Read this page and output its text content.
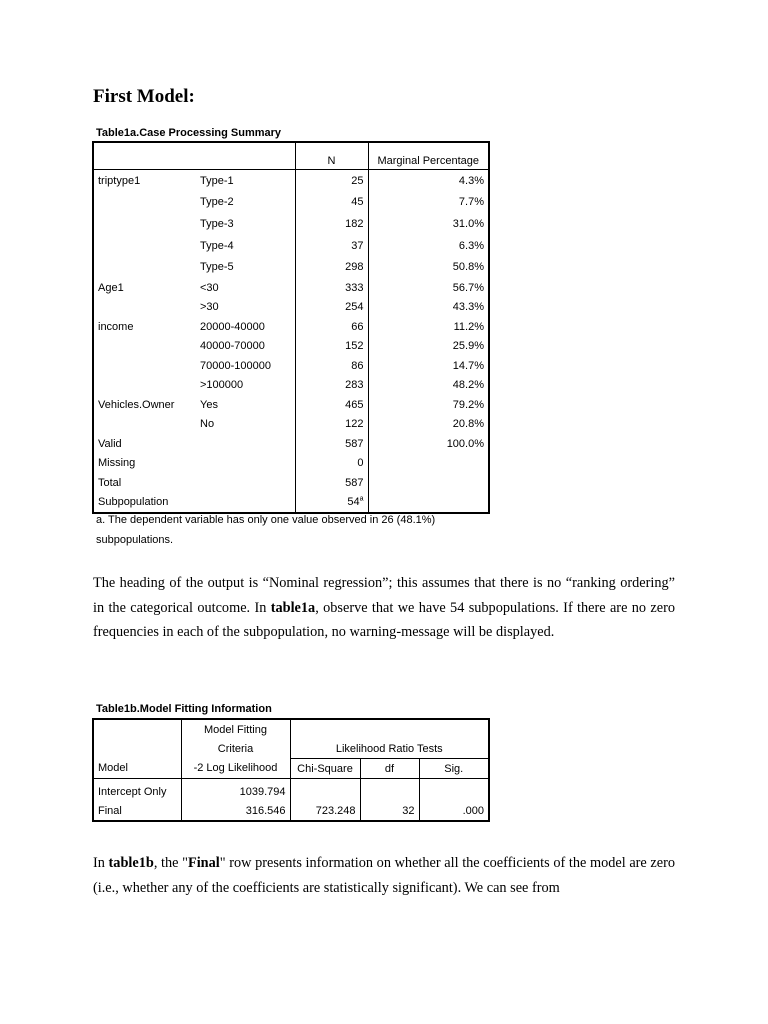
First Model:
Table1a.Case Processing Summary
		N	Marginal Percentage
triptype1	Type-1	25	4.3%
	Type-2	45	7.7%
	Type-3	182	31.0%
	Type-4	37	6.3%
	Type-5	298	50.8%
Age1	<30	333	56.7%
	>30	254	43.3%
income	20000-40000	66	11.2%
	40000-70000	152	25.9%
	70000-100000	86	14.7%
	>100000	283	48.2%
Vehicles.Owner	Yes	465	79.2%
	No	122	20.8%
Valid		587	100.0%
Missing		0	
Total		587	
Subpopulation		54$^a$	
a. The dependent variable has only one value observed in 26 (48.1%)
subpopulations.
The heading of the output is “Nominal regression”; this assumes that there is no “ranking ordering” in the categorical outcome. In table1a, observe that we have 54 subpopulations. If there are no zero frequencies in each of the subpopulation, no warning-message will be displayed.
Table1b.Model Fitting Information
	Model Fitting			
	Criteria	Likelihood Ratio Tests		
Model	-2 Log Likelihood	Chi-Square	df	Sig.
Intercept Only	1039.794			
Final	316.546	723.248	32	.000
In table1b, the "Final" row presents information on whether all the coefficients of the model are zero (i.e., whether any of the coefficients are statistically significant). We can see from
